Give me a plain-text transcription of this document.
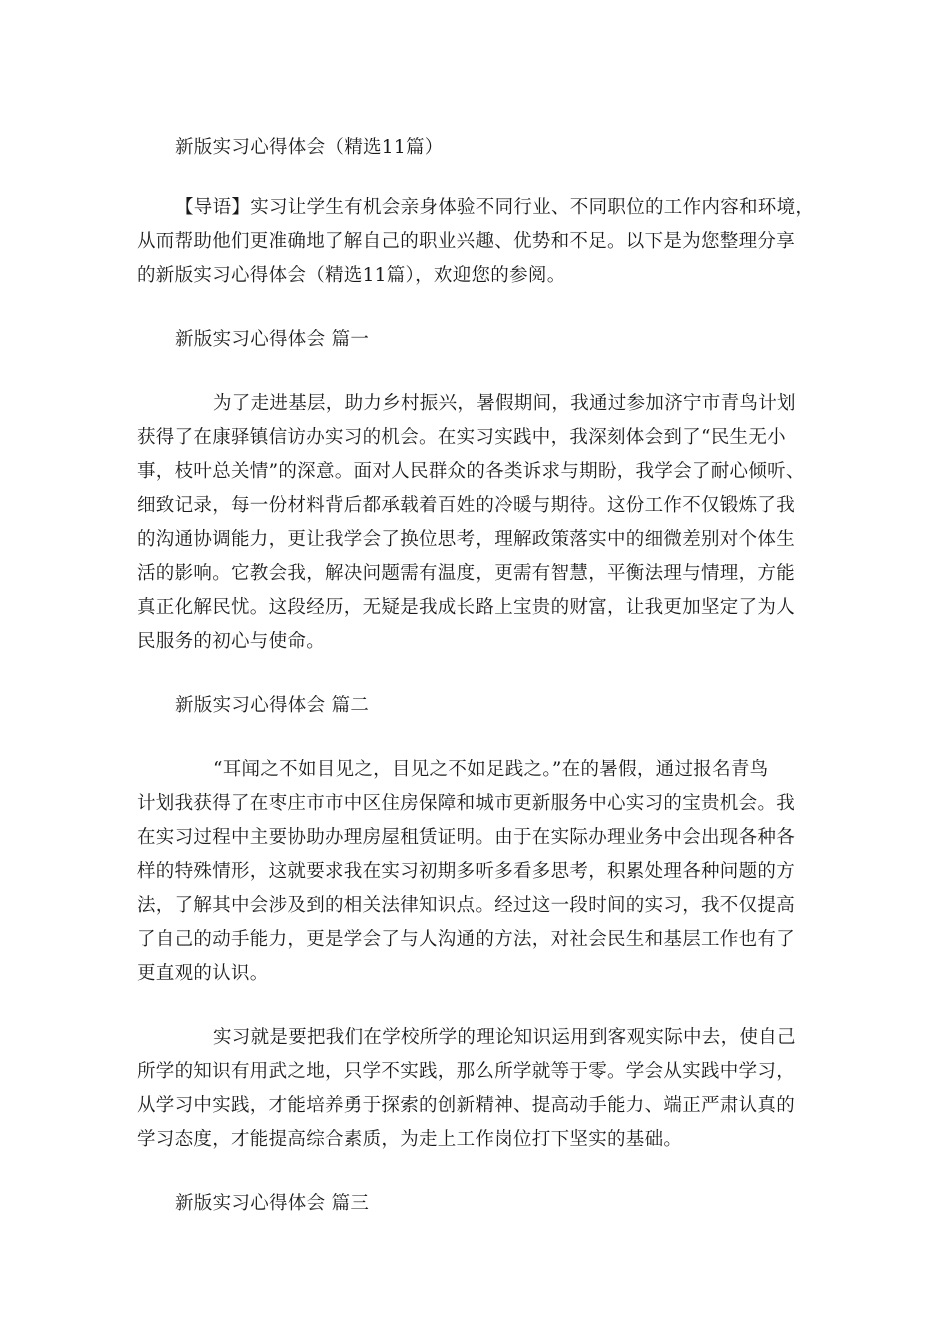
新版实习心得体会（精选11篇）
【导语】实习让学生有机会亲身体验不同行业、不同职位的工作内容和环境，
从而帮助他们更准确地了解自己的职业兴趣、优势和不足。以下是为您整理分享
的新版实习心得体会（精选11篇），欢迎您的参阅。
新版实习心得体会 篇一
为了走进基层，助力乡村振兴，暑假期间，我通过参加济宁市青鸟计划
获得了在康驿镇信访办实习的机会。在实习实践中，我深刻体会到了“民生无小
事，枝叶总关情”的深意。面对人民群众的各类诉求与期盼，我学会了耐心倾听、
细致记录，每一份材料背后都承载着百姓的冷暖与期待。这份工作不仅锻炼了我
的沟通协调能力，更让我学会了换位思考，理解政策落实中的细微差别对个体生
活的影响。它教会我，解决问题需有温度，更需有智慧，平衡法理与情理，方能
真正化解民忧。这段经历，无疑是我成长路上宝贵的财富，让我更加坚定了为人
民服务的初心与使命。
新版实习心得体会 篇二
“耳闻之不如目见之，目见之不如足践之。”在的暑假，通过报名青鸟
计划我获得了在枣庄市市中区住房保障和城市更新服务中心实习的宝贵机会。我
在实习过程中主要协助办理房屋租赁证明。由于在实际办理业务中会出现各种各
样的特殊情形，这就要求我在实习初期多听多看多思考，积累处理各种问题的方
法，了解其中会涉及到的相关法律知识点。经过这一段时间的实习，我不仅提高
了自己的动手能力，更是学会了与人沟通的方法，对社会民生和基层工作也有了
更直观的认识。
实习就是要把我们在学校所学的理论知识运用到客观实际中去，使自己
所学的知识有用武之地，只学不实践，那么所学就等于零。学会从实践中学习，
从学习中实践，才能培养勇于探索的创新精神、提高动手能力、端正严肃认真的
学习态度，才能提高综合素质，为走上工作岗位打下坚实的基础。
新版实习心得体会 篇三
